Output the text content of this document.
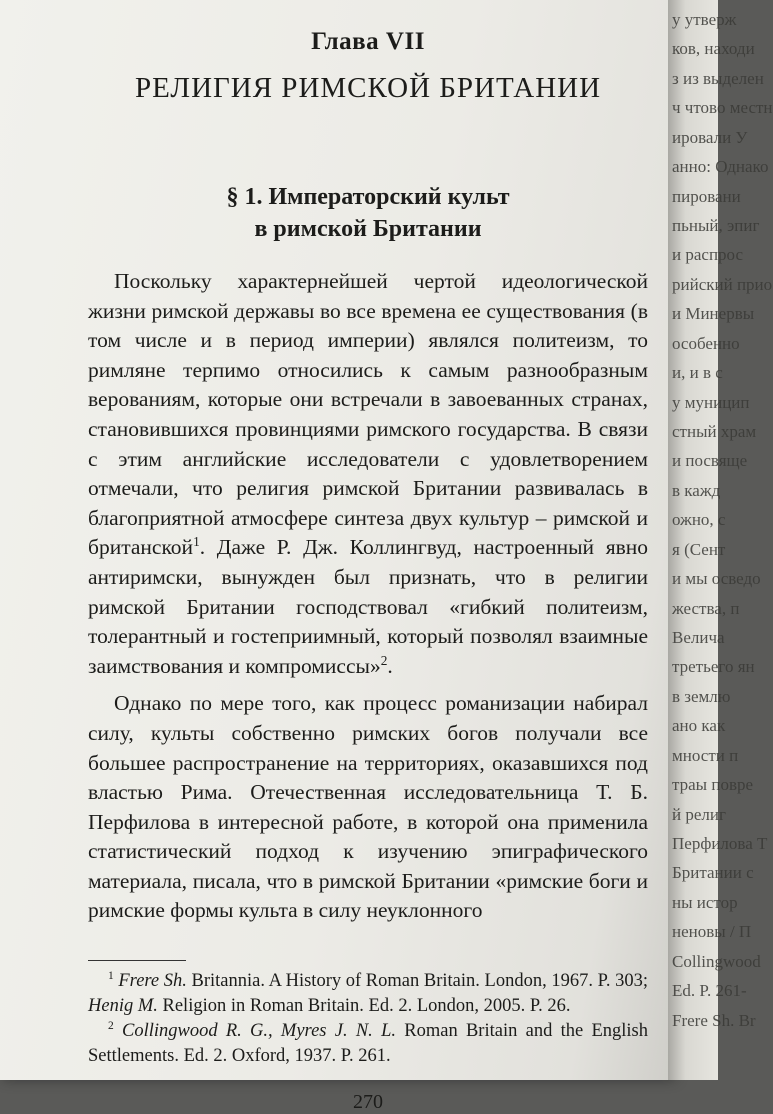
Глава VII
РЕЛИГИЯ РИМСКОЙ БРИТАНИИ
§ 1. Императорский культ
в римской Британии

Поскольку характернейшей чертой идеологической жизни римской державы во все времена ее существования (в том числе и в период империи) являлся политеизм, то римляне терпимо относились к самым разнообразным верованиям, которые они встречали в завоеванных странах, становившихся провинциями римского государства. В связи с этим английские исследователи с удовлетворением отмечали, что религия римской Британии развивалась в благоприятной атмосфере синтеза двух культур – римской и британской$^1$. Даже Р. Дж. Коллингвуд, настроенный явно антиримски, вынужден был признать, что в религии римской Британии господствовал «гибкий политеизм, толерантный и гостеприимный, который позволял взаимные заимствования и компромиссы»$^2$.

Однако по мере того, как процесс романизации набирал силу, культы собственно римских богов получали все большее распространение на территориях, оказавшихся под властью Рима. Отечественная исследовательница Т. Б. Перфилова в интересной работе, в которой она применила статистический подход к изучению эпиграфического материала, писала, что в римской Британии «римские боги и римские формы культа в силу неуклонного

$^1$ Frere Sh. Britannia. A History of Roman Britain. London, 1967. P. 303; Henig M. Religion in Roman Britain. Ed. 2. London, 2005. P. 26.

$^2$ Collingwood R. G., Myres J. N. L. Roman Britain and the English Settlements. Ed. 2. Oxford, 1937. P. 261.

270
у утверж
ков, находи
з из выделен
ч чтово местн
ировали У
анно: Однако
пировани
пьный, эпиг
и распрос
рийский прио
и Минервы
особенно
и, и в с
у муницип
стный храм
и посвяще
в кажд
ожно, с
я (Сент
и мы осведо
жества, п
Велича
третьего ян
в землю
ано как
мности п
траы повре
й религ
Перфилова Т
Британии с
ны истор
неновы / П
Collingwood
Ed. P. 261-
Frere Sh. Br
